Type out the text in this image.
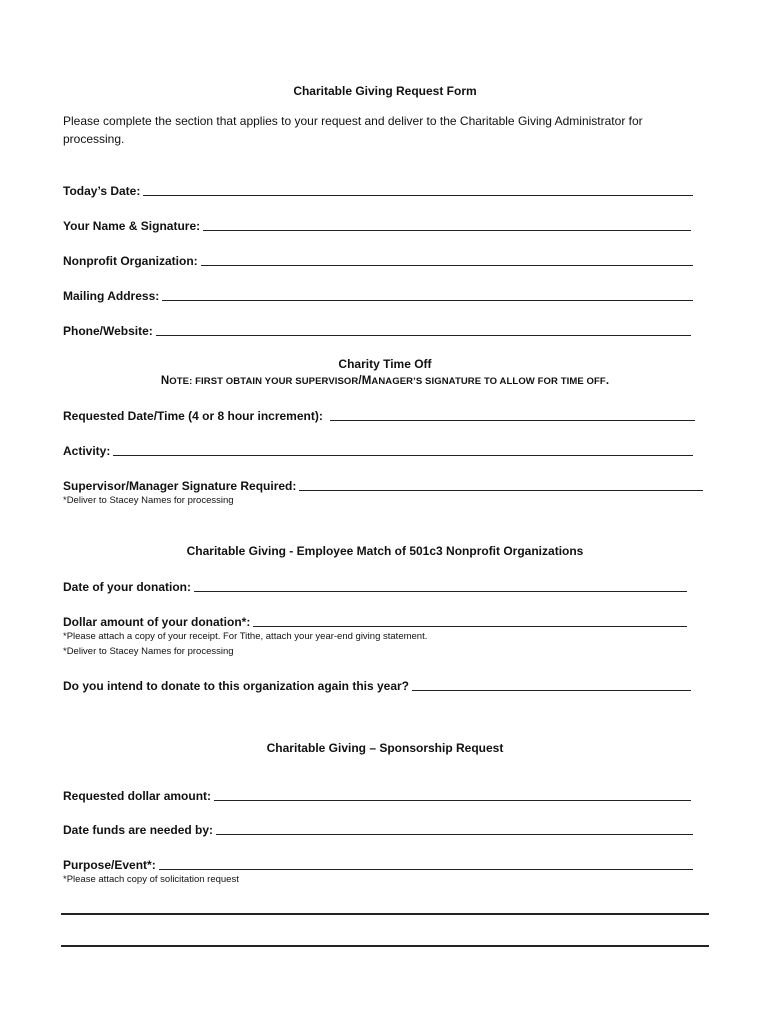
Charitable Giving Request Form
Please complete the section that applies to your request and deliver to the Charitable Giving Administrator for processing.
Today’s Date:
Your Name & Signature:
Nonprofit Organization:
Mailing Address:
Phone/Website:
Charity Time Off
NOTE: FIRST OBTAIN YOUR SUPERVISOR/MANAGER’S SIGNATURE TO ALLOW FOR TIME OFF.
Requested Date/Time (4 or 8 hour increment):
Activity:
Supervisor/Manager Signature Required:
*Deliver to Stacey Names for processing
Charitable Giving - Employee Match of 501c3 Nonprofit Organizations
Date of your donation:
Dollar amount of your donation*:
*Please attach a copy of your receipt. For Tithe, attach your year-end giving statement.
*Deliver to Stacey Names for processing
Do you intend to donate to this organization again this year?
Charitable Giving – Sponsorship Request
Requested dollar amount:
Date funds are needed by:
Purpose/Event*:
*Please attach copy of solicitation request
